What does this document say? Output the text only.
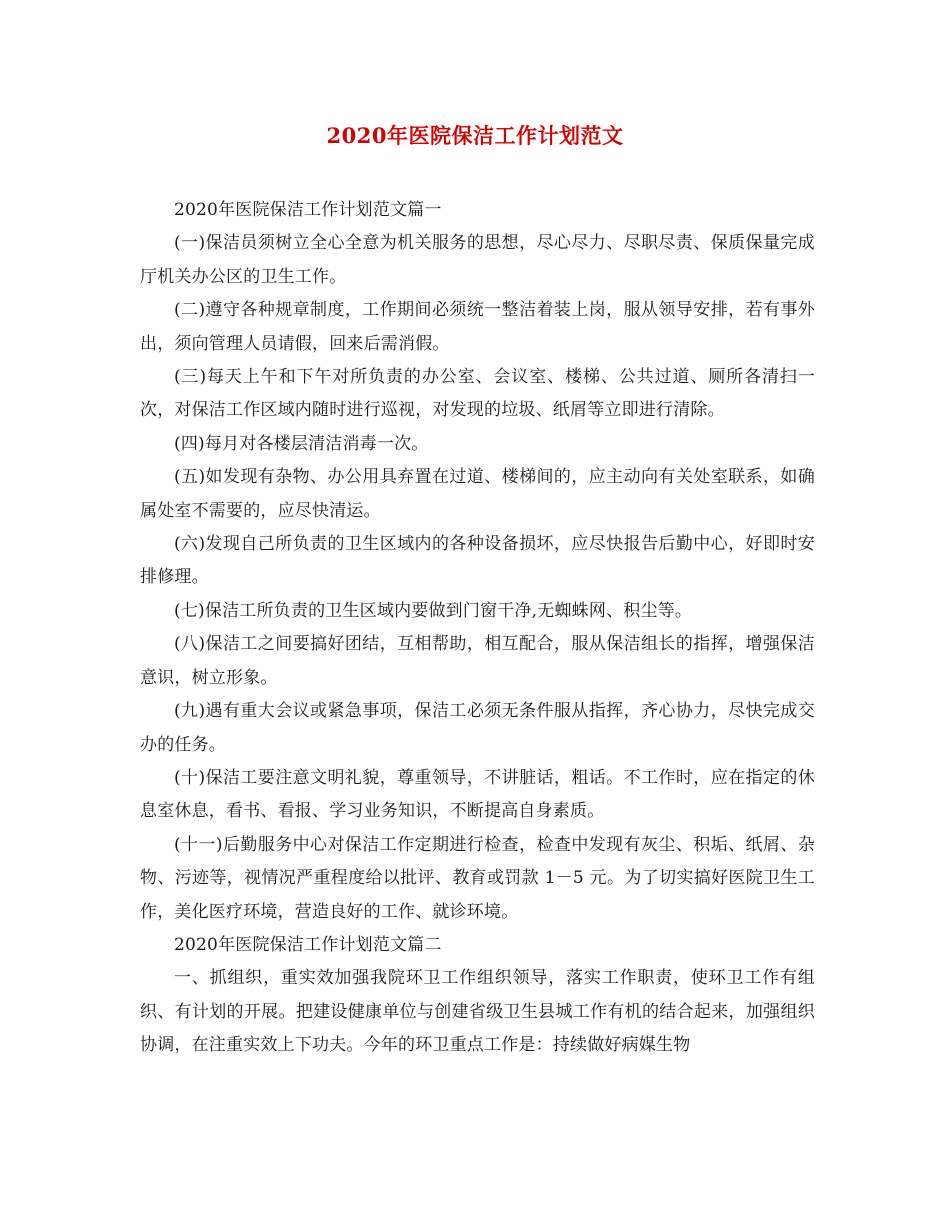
2020年医院保洁工作计划范文

2020年医院保洁工作计划范文篇一

(一)保洁员须树立全心全意为机关服务的思想，尽心尽力、尽职尽责、保质保量完成厅机关办公区的卫生工作。

(二)遵守各种规章制度，工作期间必须统一整洁着装上岗，服从领导安排，若有事外出，须向管理人员请假，回来后需消假。

(三)每天上午和下午对所负责的办公室、会议室、楼梯、公共过道、厕所各清扫一次，对保洁工作区域内随时进行巡视，对发现的垃圾、纸屑等立即进行清除。

(四)每月对各楼层清洁消毒一次。

(五)如发现有杂物、办公用具弃置在过道、楼梯间的，应主动向有关处室联系，如确属处室不需要的，应尽快清运。

(六)发现自己所负责的卫生区域内的各种设备损坏，应尽快报告后勤中心，好即时安排修理。

(七)保洁工所负责的卫生区域内要做到门窗干净,无蜘蛛网、积尘等。

(八)保洁工之间要搞好团结，互相帮助，相互配合，服从保洁组长的指挥，增强保洁意识，树立形象。

(九)遇有重大会议或紧急事项，保洁工必须无条件服从指挥，齐心协力，尽快完成交办的任务。

(十)保洁工要注意文明礼貌，尊重领导，不讲脏话，粗话。不工作时，应在指定的休息室休息，看书、看报、学习业务知识，不断提高自身素质。

(十一)后勤服务中心对保洁工作定期进行检查，检查中发现有灰尘、积垢、纸屑、杂物、污迹等，视情况严重程度给以批评、教育或罚款 1－5 元。为了切实搞好医院卫生工作，美化医疗环境，营造良好的工作、就诊环境。

2020年医院保洁工作计划范文篇二

一、抓组织，重实效加强我院环卫工作组织领导，落实工作职责，使环卫工作有组织、有计划的开展。把建设健康单位与创建省级卫生县城工作有机的结合起来，加强组织协调，在注重实效上下功夫。今年的环卫重点工作是：持续做好病媒生物
